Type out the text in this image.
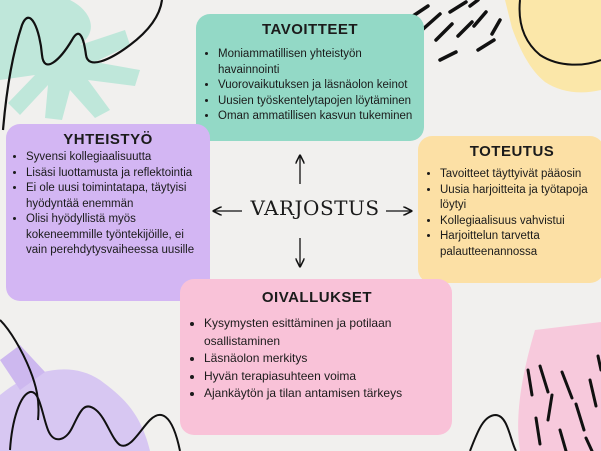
VARJOSTUS
TAVOITTEET
• Moniammatillisen yhteistyön havainnointi
• Vuorovaikutuksen ja läsnäolon keinot
• Uusien työskentelytapojen löytäminen
• Oman ammatillisen kasvun tukeminen
YHTEISTYÖ
• Syvensi kollegiaalisuutta
• Lisäsi luottamusta ja reflektointia
• Ei ole uusi toimintatapa, täytyisi hyödyntää enemmän
• Olisi hyödyllistä myös kokeneemmille työntekijöille, ei vain perehdytysvaiheessa uusille
TOTEUTUS
• Tavoitteet täyttyivät pääosin
• Uusia harjoitteita ja työtapoja löytyi
• Kollegiaalisuus vahvistui
• Harjoittelun tarvetta palautteenannossa
OIVALLUKSET
• Kysymysten esittäminen ja potilaan osallistaminen
• Läsnäolon merkitys
• Hyvän terapiasuhteen voima
• Ajankäytön ja tilan antamisen tärkeys
